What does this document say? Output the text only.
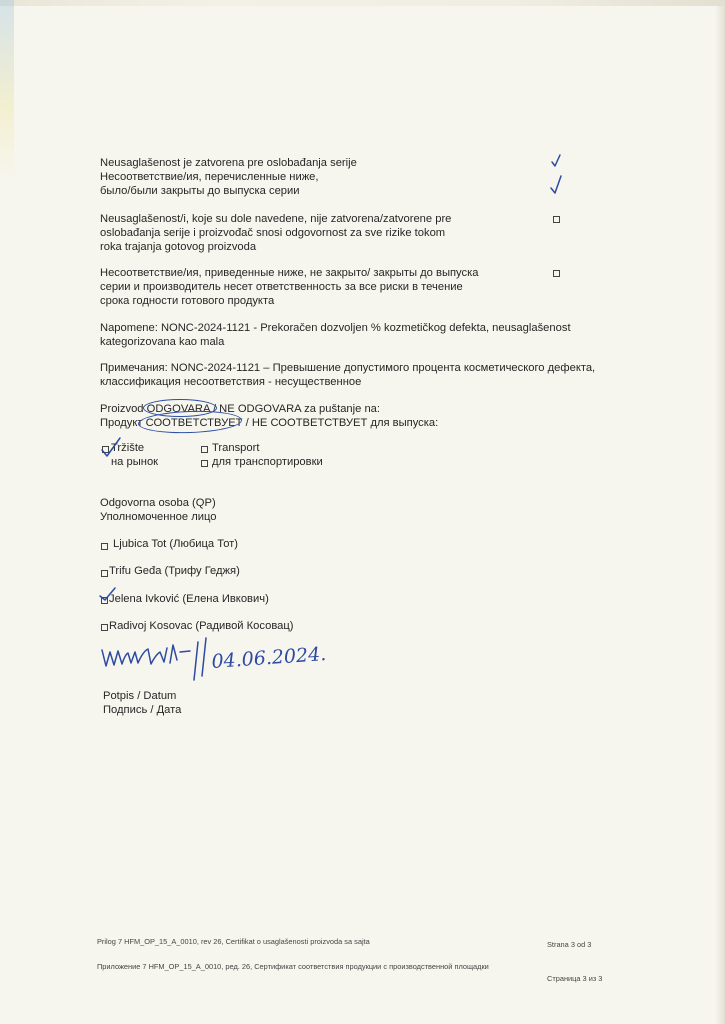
Neusaglašenost je zatvorena pre oslobađanja serije
Несоответствие/ия, перечисленные ниже,
было/были закрыты до выпуска серии
Neusaglašenost/i, koje su dole navedene, nije zatvorena/zatvorene pre
oslobađanja serije i proizvođač snosi odgovornost za sve rizike tokom
roka trajanja gotovog proizvoda
Несоответствие/ия, приведенные ниже, не закрыто/ закрыты до выпуска
серии и производитель несет ответственность за все риски в течение
срока годности готового продукта
Napomene: NONC-2024-1121 - Prekoračen dozvoljen % kozmetičkog defekta, neusaglašenost
kategorizovana kao mala
Примечания: NONC-2024-1121 – Превышение допустимого процента косметического дефекта,
классификация несоответствия - несущественное
Proizvod ODGOVARA / NE ODGOVARA za puštanje na:
Продукт СООТВЕТСТВУЕТ / НЕ СООТВЕТСТВУЕТ для выпуска:
Tržište
на рынок
Transport
для транспортировки
Odgovorna osoba (QP)
Уполномоченное лицо
Ljubica Tot (Любица Тот)
Trifu Geđa (Трифу Геджя)
Jelena Ivković (Елена Ивкович)
Radivoj Kosovac (Радивой Косовац)
04.06.2024.
Potpis / Datum
Подпись / Дата
Prilog 7 HFM_OP_15_A_0010, rev 26, Certifikat o usaglašenosti proizvoda sa sajta	Strana 3 od 3
Приложение 7 HFM_OP_15_A_0010, ред. 26, Сертификат соответствия продукции с производственной площадки
Страница 3 из 3
